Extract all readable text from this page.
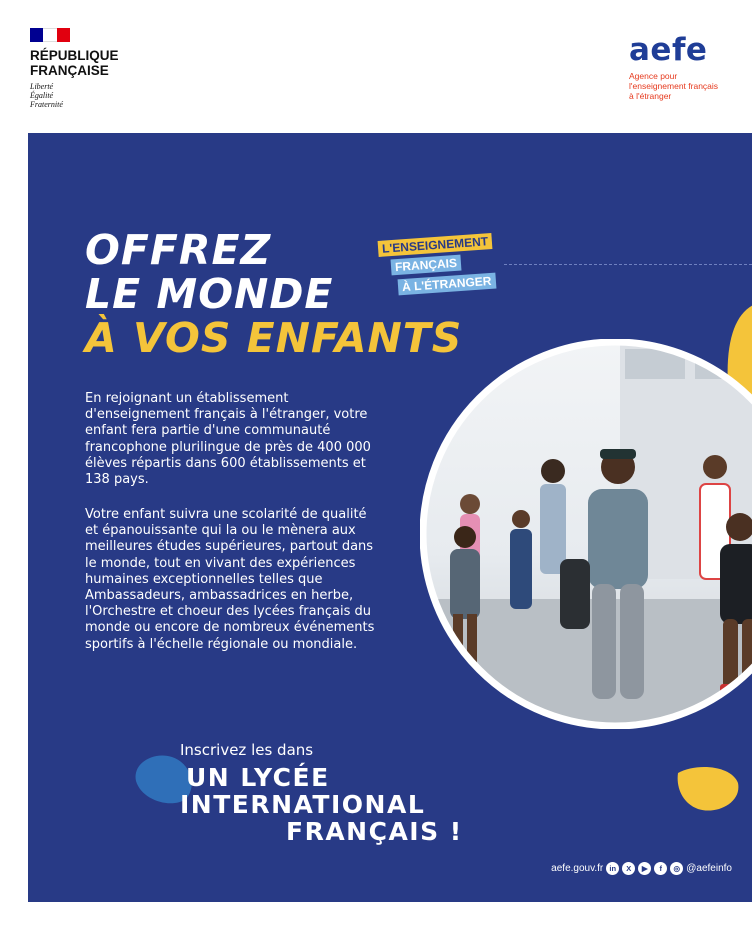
RÉPUBLIQUE
FRANÇAISE
Liberté
Égalité
Fraternité
aefe
Agence pour
l'enseignement français
à l'étranger
OFFREZ
LE MONDE
À VOS ENFANTS
L'ENSEIGNEMENT
FRANÇAIS
À L'ÉTRANGER

En rejoignant un établissement d'enseignement français à l'étranger, votre enfant fera partie d'une communauté francophone plurilingue de près de 400 000 élèves répartis dans 600 établissements et 138 pays.

Votre enfant suivra une scolarité de qualité et épanouissante qui la ou le mènera aux meilleures études supérieures, partout dans le monde, tout en vivant des expériences humaines exceptionnelles telles que Ambassadeurs, ambassadrices en herbe, l'Orchestre et choeur des lycées français du monde ou encore de nombreux événements sportifs à l'échelle régionale ou mondiale.

Inscrivez les dans
UN LYCÉE
INTERNATIONAL
FRANÇAIS !
aefe.gouv.fr in	X	▶	f	◎ @aefeinfo
